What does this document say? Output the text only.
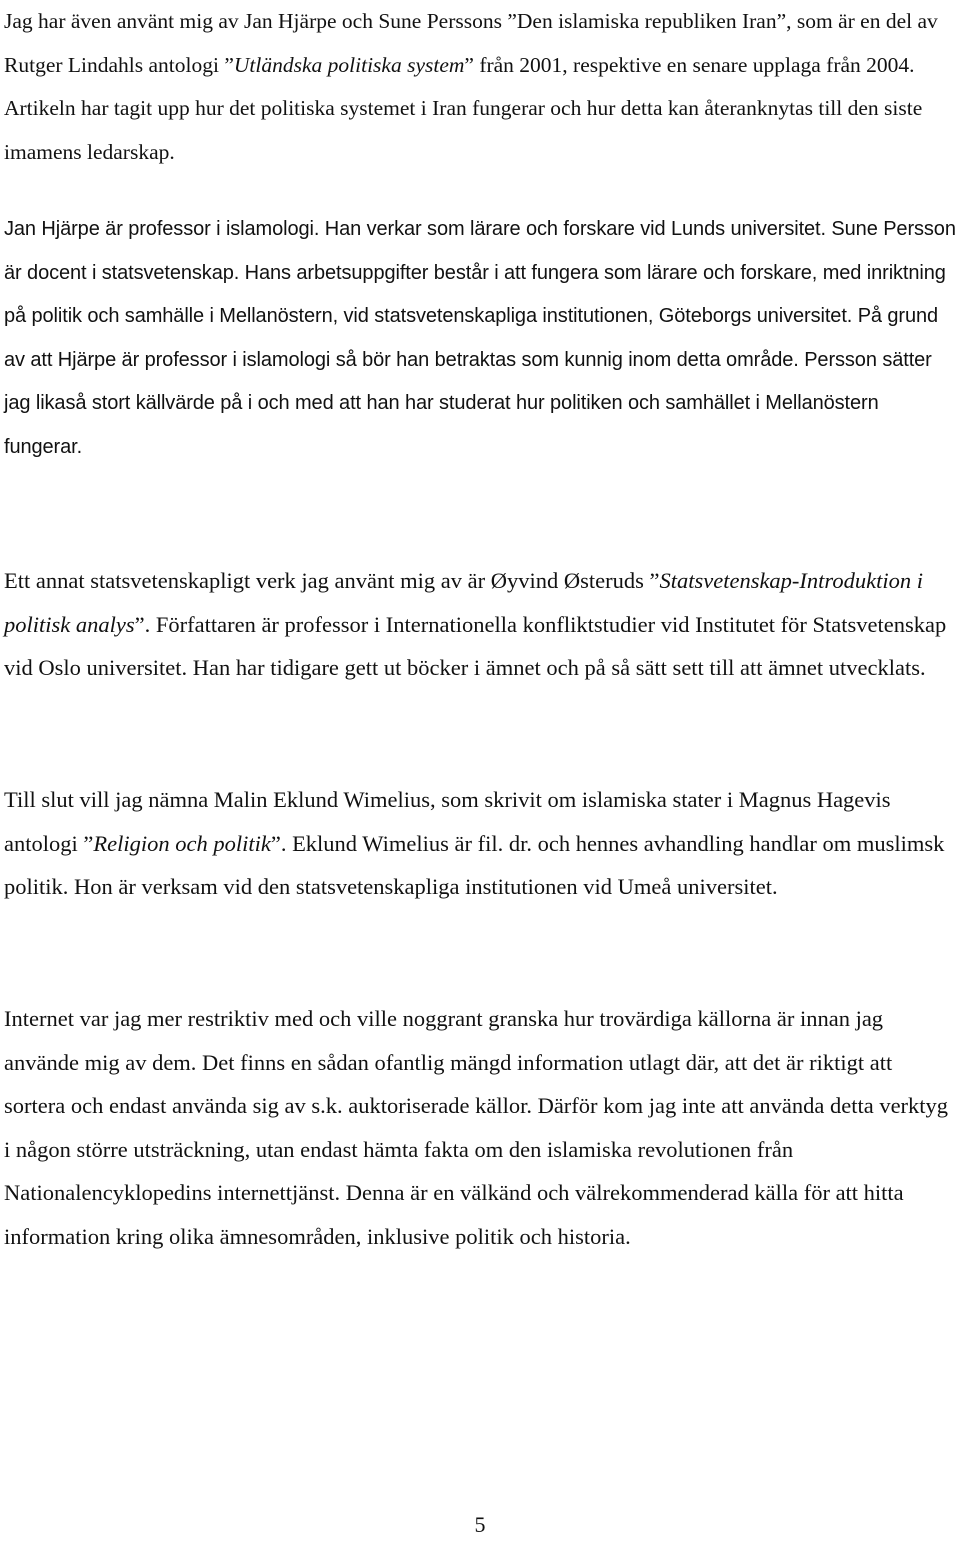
Jag har även använt mig av Jan Hjärpe och Sune Perssons ”Den islamiska republiken Iran”, som är en del av Rutger Lindahls antologi ”Utländska politiska system” från 2001, respektive en senare upplaga från 2004. Artikeln har tagit upp hur det politiska systemet i Iran fungerar och hur detta kan återanknytas till den siste imamens ledarskap.

Jan Hjärpe är professor i islamologi. Han verkar som lärare och forskare vid Lunds universitet. Sune Persson är docent i statsvetenskap. Hans arbetsuppgifter består i att fungera som lärare och forskare, med inriktning på politik och samhälle i Mellanöstern, vid statsvetenskapliga institutionen, Göteborgs universitet. På grund av att Hjärpe är professor i islamologi så bör han betraktas som kunnig inom detta område. Persson sätter jag likaså stort källvärde på i och med att han har studerat hur politiken och samhället i Mellanöstern fungerar.

Ett annat statsvetenskapligt verk jag använt mig av är Øyvind Østeruds ”Statsvetenskap-Introduktion i politisk analys”. Författaren är professor i Internationella konfliktstudier vid Institutet för Statsvetenskap vid Oslo universitet. Han har tidigare gett ut böcker i ämnet och på så sätt sett till att ämnet utvecklats.

Till slut vill jag nämna Malin Eklund Wimelius, som skrivit om islamiska stater i Magnus Hagevis antologi ”Religion och politik”. Eklund Wimelius är fil. dr. och hennes avhandling handlar om muslimsk politik. Hon är verksam vid den statsvetenskapliga institutionen vid Umeå universitet.

Internet var jag mer restriktiv med och ville noggrant granska hur trovärdiga källorna är innan jag använde mig av dem. Det finns en sådan ofantlig mängd information utlagt där, att det är riktigt att sortera och endast använda sig av s.k. auktoriserade källor. Därför kom jag inte att använda detta verktyg i någon större utsträckning, utan endast hämta fakta om den islamiska revolutionen från Nationalencyklopedins internettjänst. Denna är en välkänd och välrekommenderad källa för att hitta information kring olika ämnesområden, inklusive politik och historia.

5
